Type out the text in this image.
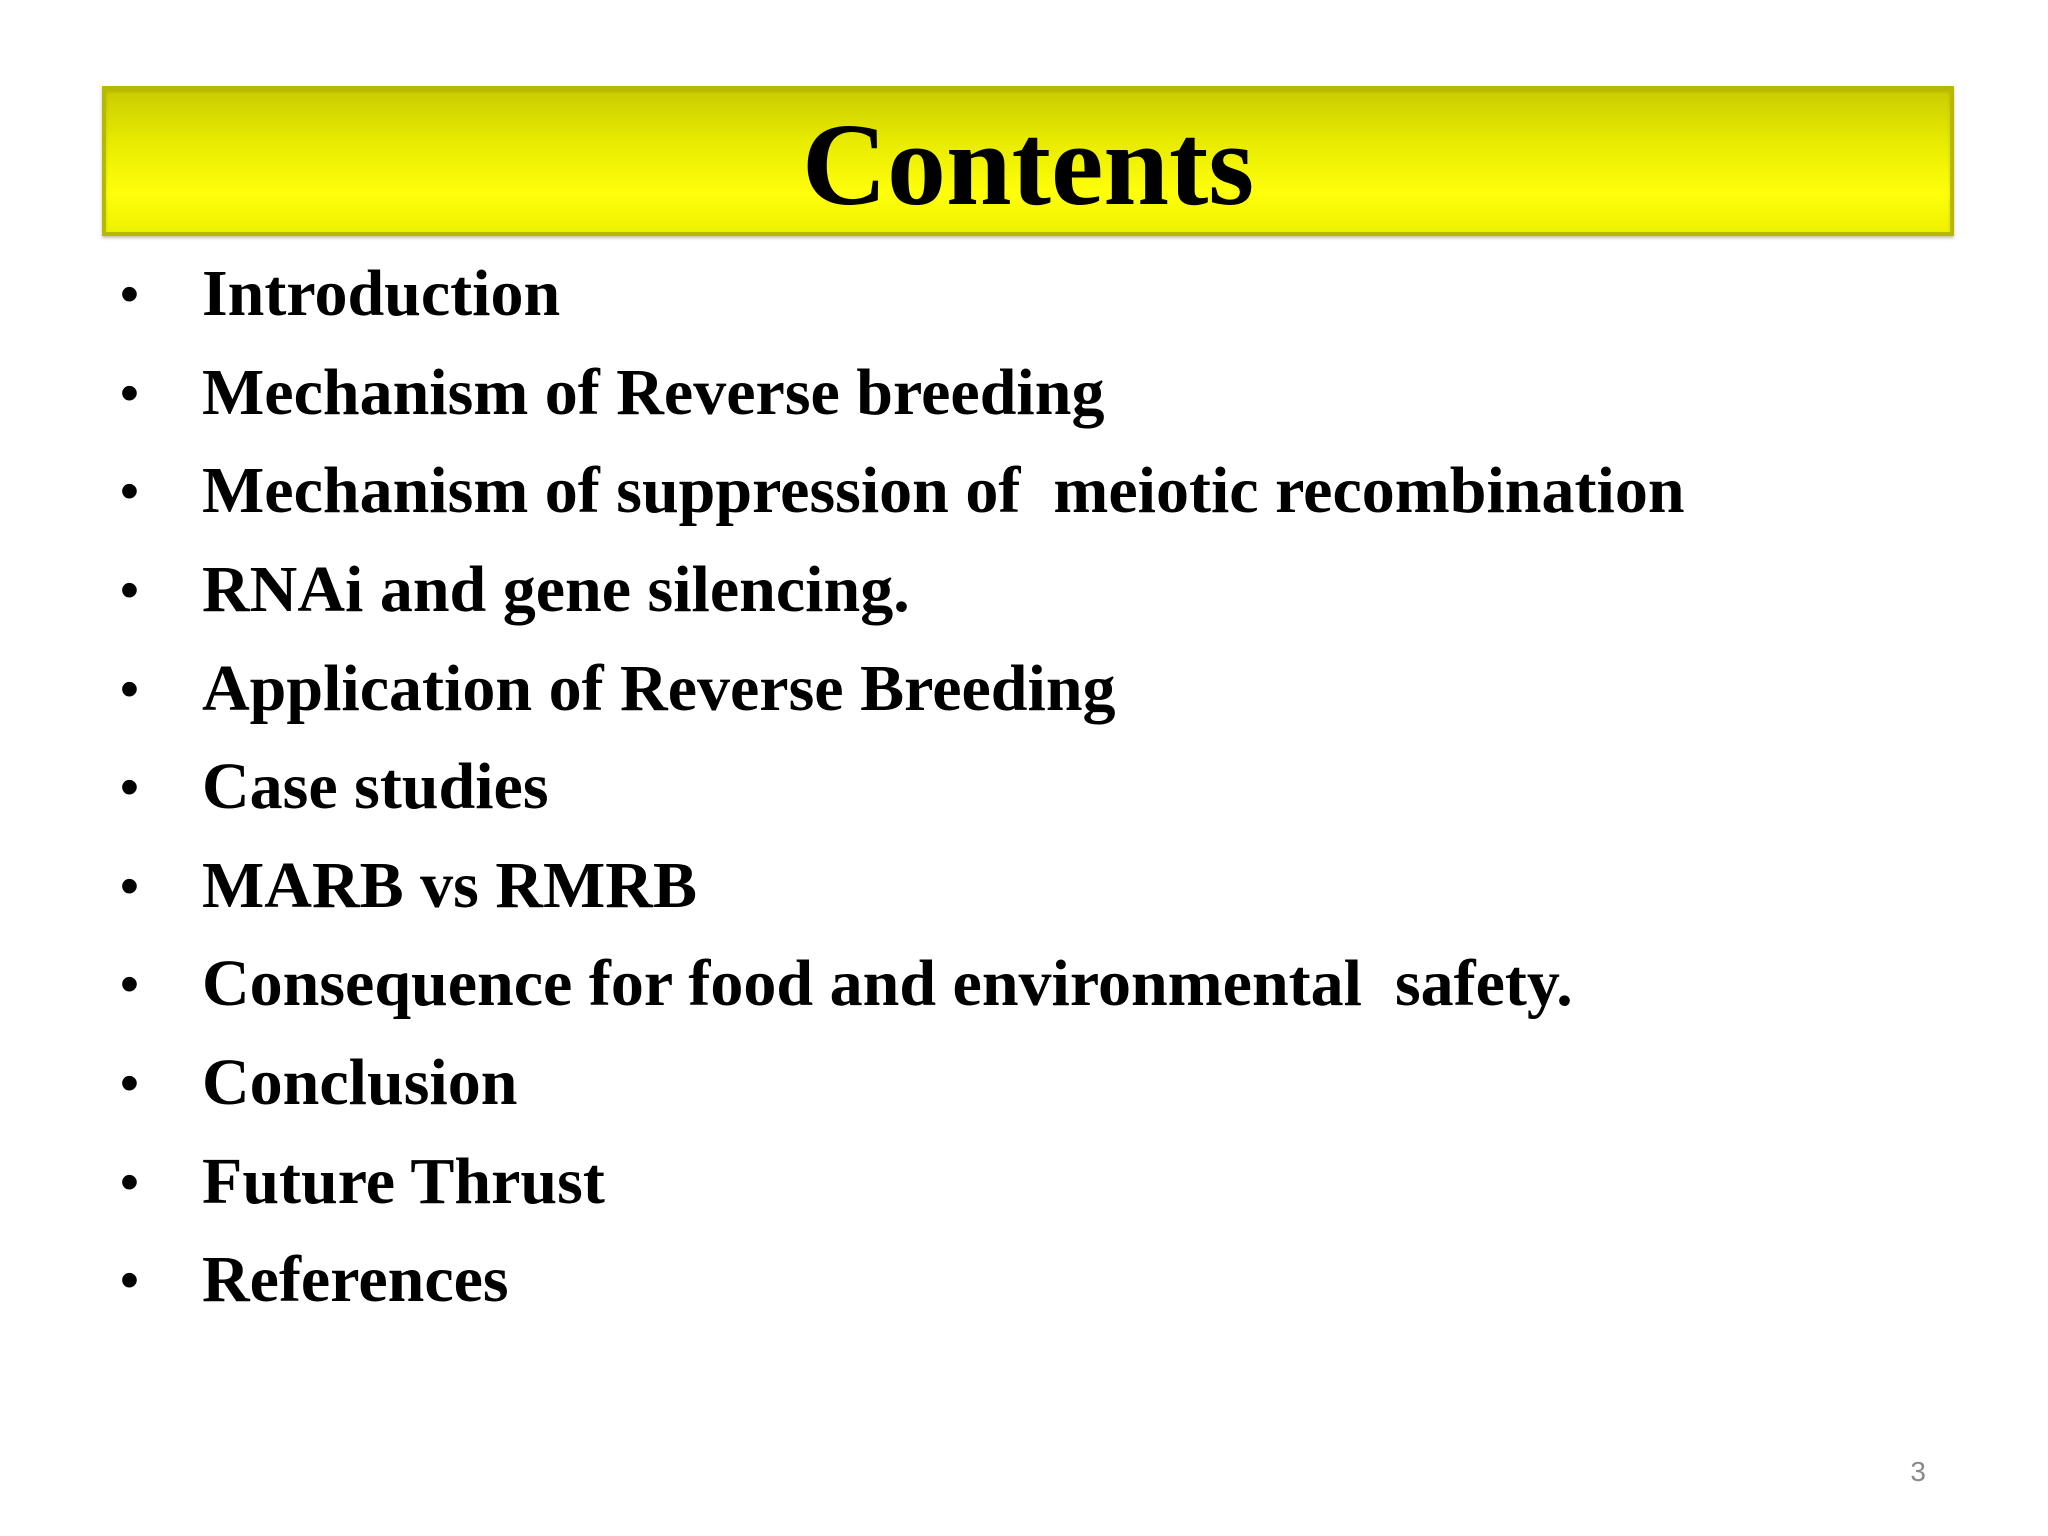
Contents
• Introduction
• Mechanism of Reverse breeding
• Mechanism of suppression of  meiotic recombination
• RNAi and gene silencing.
• Application of Reverse Breeding
• Case studies
• MARB vs RMRB
• Consequence for food and environmental  safety.
• Conclusion
• Future Thrust
• References
3
